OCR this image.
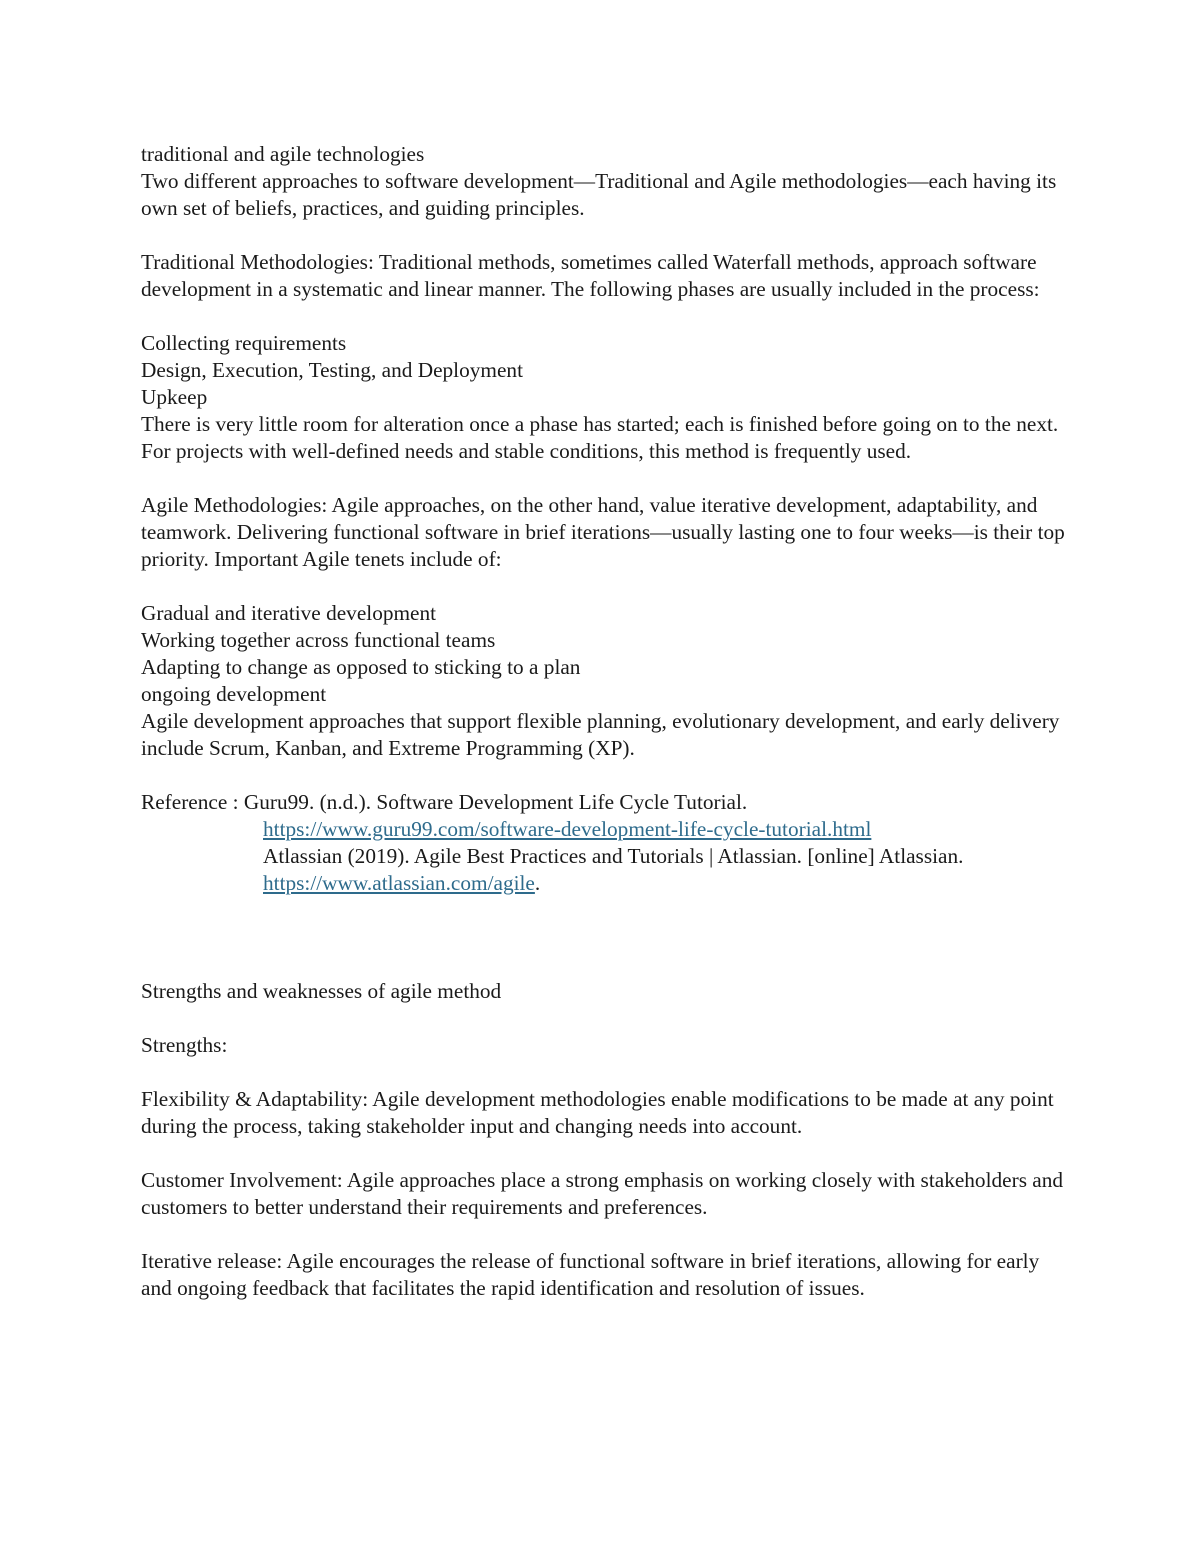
traditional and agile technologies

Two different approaches to software development—Traditional and Agile methodologies—each having its own set of beliefs, practices, and guiding principles.

Traditional Methodologies: Traditional methods, sometimes called Waterfall methods, approach software development in a systematic and linear manner. The following phases are usually included in the process:

Collecting requirements

Design, Execution, Testing, and Deployment

Upkeep

There is very little room for alteration once a phase has started; each is finished before going on to the next. For projects with well-defined needs and stable conditions, this method is frequently used.

Agile Methodologies: Agile approaches, on the other hand, value iterative development, adaptability, and teamwork. Delivering functional software in brief iterations—usually lasting one to four weeks—is their top priority. Important Agile tenets include of:

Gradual and iterative development

Working together across functional teams

Adapting to change as opposed to sticking to a plan

ongoing development

Agile development approaches that support flexible planning, evolutionary development, and early delivery include Scrum, Kanban, and Extreme Programming (XP).

Reference : Guru99. (n.d.). Software Development Life Cycle Tutorial.

https://www.guru99.com/software-development-life-cycle-tutorial.html

Atlassian (2019). Agile Best Practices and Tutorials | Atlassian. [online] Atlassian.

https://www.atlassian.com/agile.

Strengths and weaknesses of agile method

Strengths:

Flexibility & Adaptability: Agile development methodologies enable modifications to be made at any point during the process, taking stakeholder input and changing needs into account.

Customer Involvement: Agile approaches place a strong emphasis on working closely with stakeholders and customers to better understand their requirements and preferences.

Iterative release: Agile encourages the release of functional software in brief iterations, allowing for early and ongoing feedback that facilitates the rapid identification and resolution of issues.
